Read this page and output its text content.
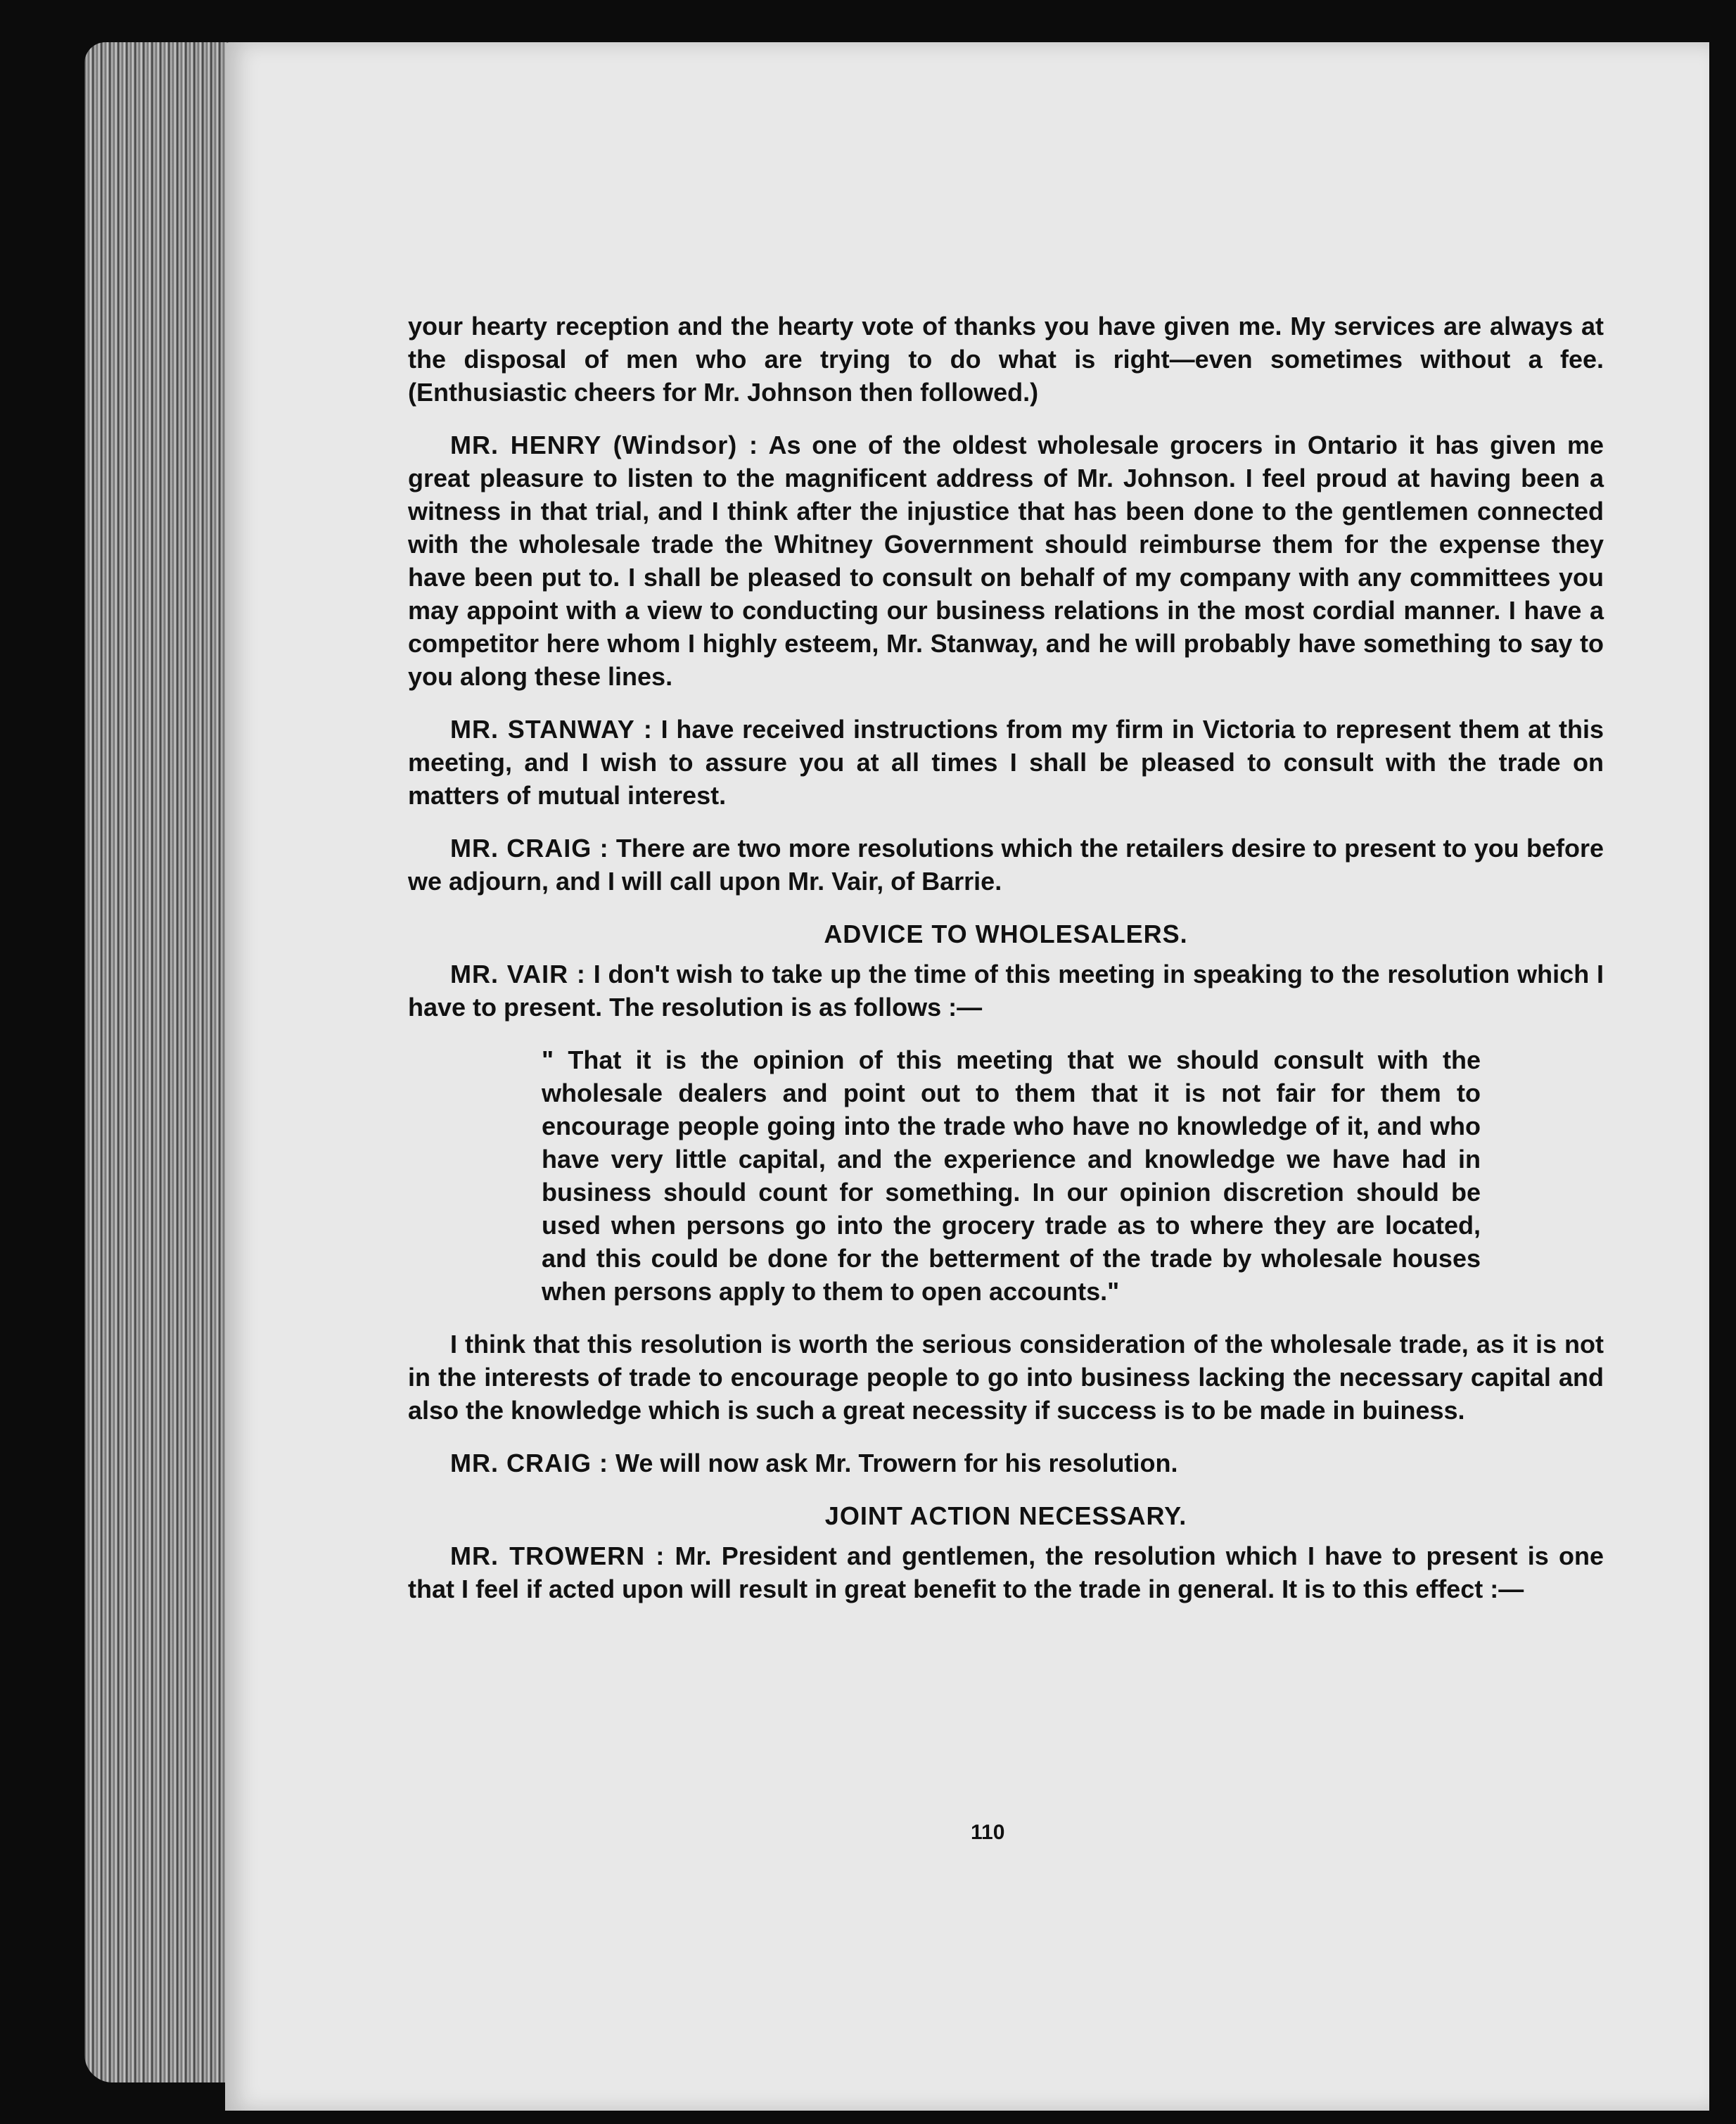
your hearty reception and the hearty vote of thanks you have given me. My services are always at the disposal of men who are trying to do what is right—even sometimes without a fee. (Enthusiastic cheers for Mr. Johnson then followed.)

MR. HENRY (Windsor) : As one of the oldest wholesale grocers in Ontario it has given me great pleasure to listen to the magnificent address of Mr. Johnson. I feel proud at having been a witness in that trial, and I think after the injustice that has been done to the gentlemen connected with the wholesale trade the Whitney Government should reimburse them for the expense they have been put to. I shall be pleased to consult on behalf of my company with any committees you may appoint with a view to conducting our business relations in the most cordial manner. I have a competitor here whom I highly esteem, Mr. Stanway, and he will probably have something to say to you along these lines.

MR. STANWAY : I have received instructions from my firm in Victoria to represent them at this meeting, and I wish to assure you at all times I shall be pleased to consult with the trade on matters of mutual interest.

MR. CRAIG : There are two more resolutions which the retailers desire to present to you before we adjourn, and I will call upon Mr. Vair, of Barrie.

ADVICE TO WHOLESALERS.

MR. VAIR : I don't wish to take up the time of this meeting in speaking to the resolution which I have to present. The resolution is as follows :—

" That it is the opinion of this meeting that we should consult with the wholesale dealers and point out to them that it is not fair for them to encourage people going into the trade who have no knowledge of it, and who have very little capital, and the experience and knowledge we have had in business should count for something. In our opinion discretion should be used when persons go into the grocery trade as to where they are located, and this could be done for the betterment of the trade by wholesale houses when persons apply to them to open accounts."

I think that this resolution is worth the serious consideration of the wholesale trade, as it is not in the interests of trade to encourage people to go into business lacking the necessary capital and also the knowledge which is such a great necessity if success is to be made in buiness.

MR. CRAIG : We will now ask Mr. Trowern for his resolution.

JOINT ACTION NECESSARY.

MR. TROWERN : Mr. President and gentlemen, the resolution which I have to present is one that I feel if acted upon will result in great benefit to the trade in general. It is to this effect :—

110
